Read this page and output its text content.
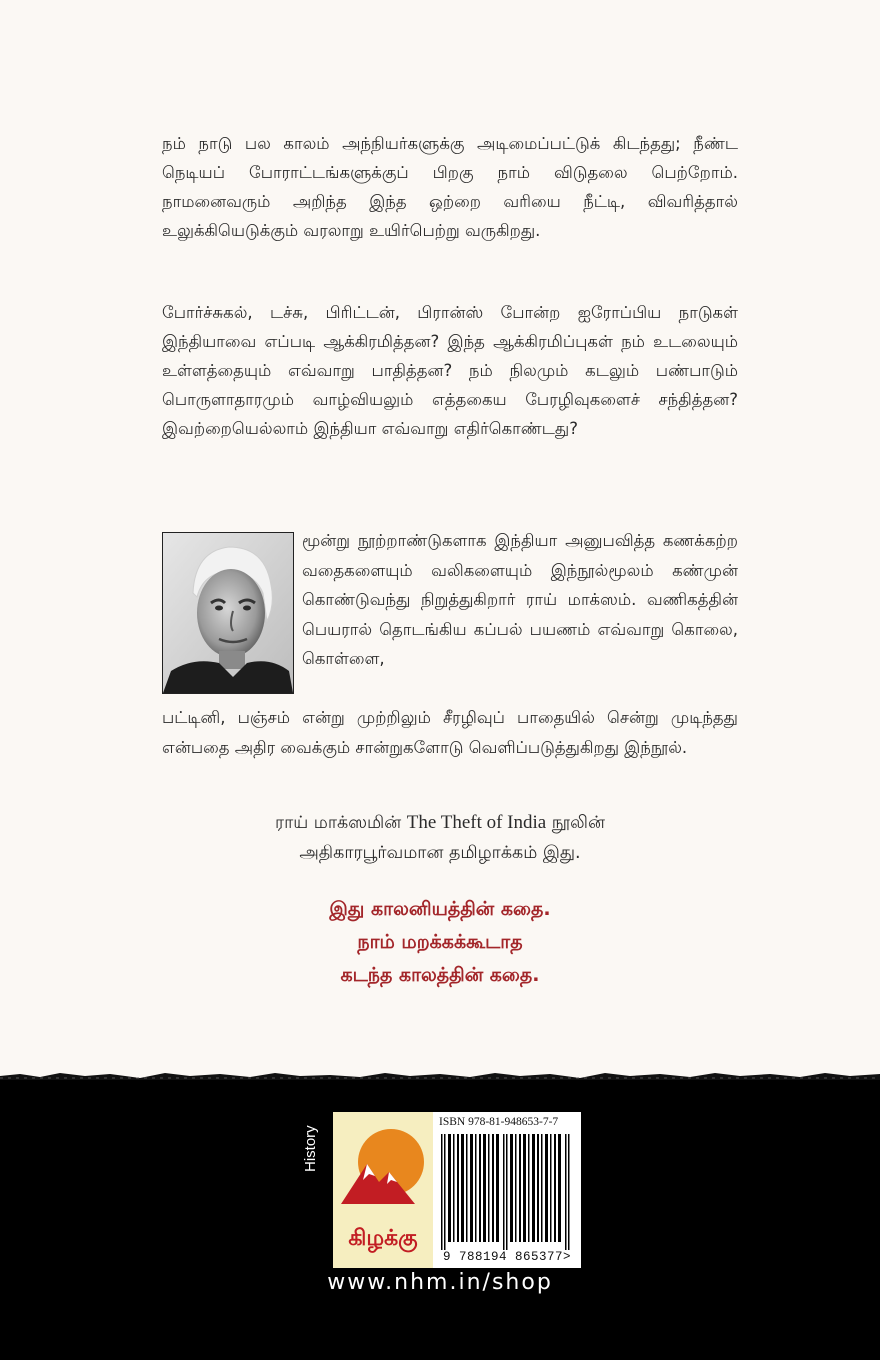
நம் நாடு பல காலம் அந்நியர்களுக்கு அடிமைப்பட்டுக் கிடந்தது; நீண்ட நெடியப் போராட்டங்களுக்குப் பிறகு நாம் விடுதலை பெற்றோம். நாமனைவரும் அறிந்த இந்த ஒற்றை வரியை நீட்டி, விவரித்தால் உலுக்கியெடுக்கும் வரலாறு உயிர்பெற்று வருகிறது.
போர்ச்சுகல், டச்சு, பிரிட்டன், பிரான்ஸ் போன்ற ஐரோப்பிய நாடுகள் இந்தியாவை எப்படி ஆக்கிரமித்தன? இந்த ஆக்கிரமிப்புகள் நம் உடலையும் உள்ளத்தையும் எவ்வாறு பாதித்தன? நம் நிலமும் கடலும் பண்பாடும் பொருளாதாரமும் வாழ்வியலும் எத்தகைய பேரழிவுகளைச் சந்தித்தன? இவற்றையெல்லாம் இந்தியா எவ்வாறு எதிர்கொண்டது?
மூன்று நூற்றாண்டுகளாக இந்தியா அனுபவித்த கணக்கற்ற வதைகளையும் வலிகளையும் இந்நூல்மூலம் கண்முன் கொண்டுவந்து நிறுத்துகிறார் ராய் மாக்ஸம். வணிகத்தின் பெயரால் தொடங்கிய கப்பல் பயணம் எவ்வாறு கொலை, கொள்ளை,
பட்டினி, பஞ்சம் என்று முற்றிலும் சீரழிவுப் பாதையில் சென்று முடிந்தது என்பதை அதிர வைக்கும் சான்றுகளோடு வெளிப்படுத்துகிறது இந்நூல்.
ராய் மாக்ஸமின் The Theft of India நூலின்
அதிகாரபூர்வமான தமிழாக்கம் இது.
இது காலனியத்தின் கதை.
நாம் மறக்கக்கூடாத
கடந்த காலத்தின் கதை.
History
கிழக்கு
ISBN 978-81-948653-7-7
9 788194 865377>
www.nhm.in/shop
